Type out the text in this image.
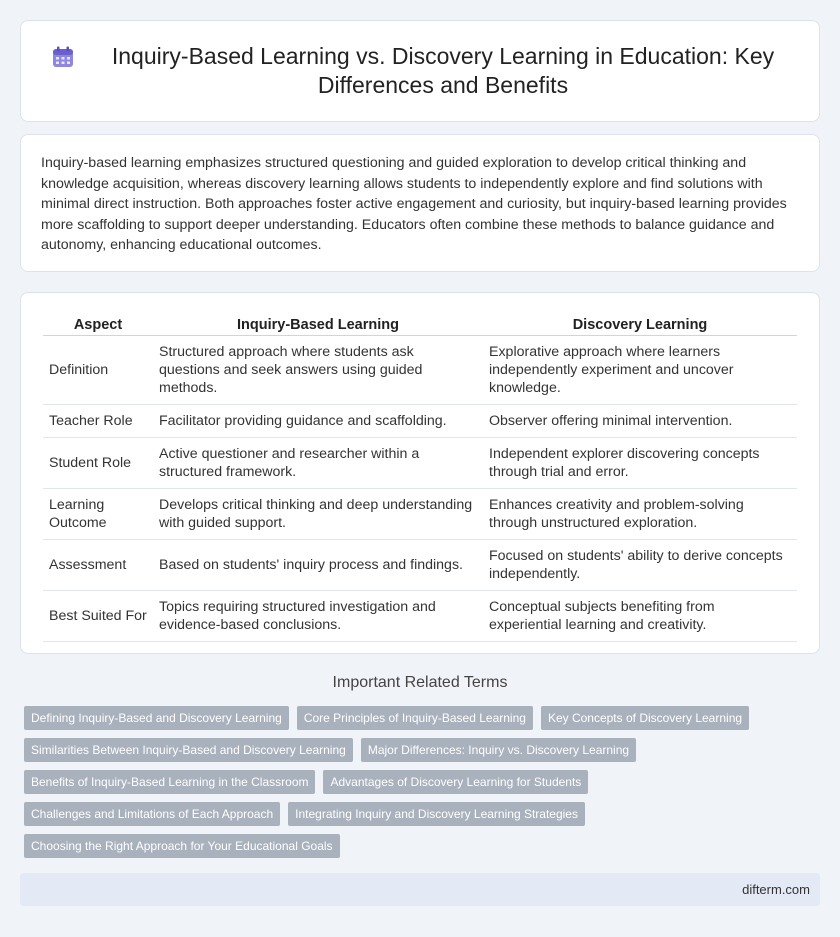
Inquiry-Based Learning vs. Discovery Learning in Education: Key Differences and Benefits

Inquiry-based learning emphasizes structured questioning and guided exploration to develop critical thinking and knowledge acquisition, whereas discovery learning allows students to independently explore and find solutions with minimal direct instruction. Both approaches foster active engagement and curiosity, but inquiry-based learning provides more scaffolding to support deeper understanding. Educators often combine these methods to balance guidance and autonomy, enhancing educational outcomes.

Aspect	Inquiry-Based Learning	Discovery Learning
Definition	Structured approach where students ask questions and seek answers using guided methods.	Explorative approach where learners independently experiment and uncover knowledge.
Teacher Role	Facilitator providing guidance and scaffolding.	Observer offering minimal intervention.
Student Role	Active questioner and researcher within a structured framework.	Independent explorer discovering concepts through trial and error.
Learning Outcome	Develops critical thinking and deep understanding with guided support.	Enhances creativity and problem-solving through unstructured exploration.
Assessment	Based on students' inquiry process and findings.	Focused on students' ability to derive concepts independently.
Best Suited For	Topics requiring structured investigation and evidence-based conclusions.	Conceptual subjects benefiting from experiential learning and creativity.
Important Related Terms
Defining Inquiry-Based and Discovery Learning	Core Principles of Inquiry-Based Learning	Key Concepts of Discovery Learning
Similarities Between Inquiry-Based and Discovery Learning	Major Differences: Inquiry vs. Discovery Learning
Benefits of Inquiry-Based Learning in the Classroom	Advantages of Discovery Learning for Students
Challenges and Limitations of Each Approach	Integrating Inquiry and Discovery Learning Strategies
Choosing the Right Approach for Your Educational Goals
difterm.com
